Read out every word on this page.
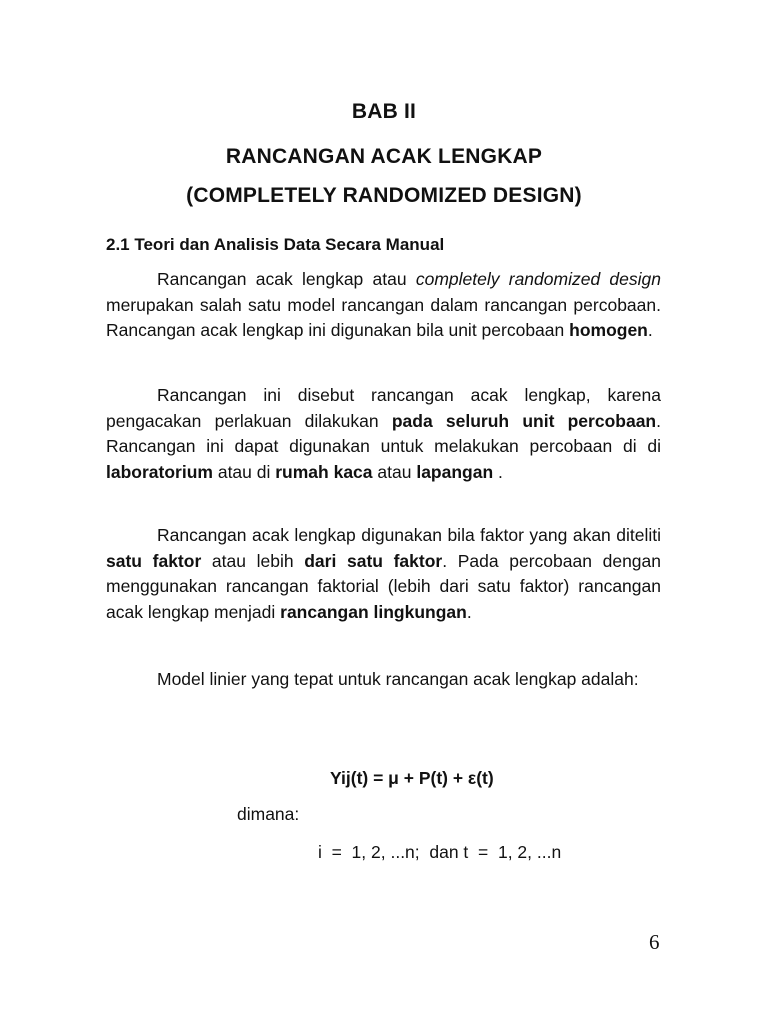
BAB II
RANCANGAN ACAK LENGKAP
(COMPLETELY RANDOMIZED DESIGN)
2.1 Teori dan Analisis Data Secara Manual

Rancangan acak lengkap atau completely randomized design merupakan salah satu model rancangan dalam rancangan percobaan. Rancangan acak lengkap ini digunakan bila unit percobaan homogen.

Rancangan ini disebut rancangan acak lengkap, karena pengacakan perlakuan dilakukan pada seluruh unit percobaan. Rancangan ini dapat digunakan untuk melakukan percobaan di di laboratorium atau di rumah kaca atau lapangan .

Rancangan acak lengkap digunakan bila faktor yang akan diteliti satu faktor atau lebih dari satu faktor. Pada percobaan dengan menggunakan rancangan faktorial (lebih dari satu faktor) rancangan acak lengkap menjadi rancangan lingkungan.

Model linier yang tepat untuk rancangan acak lengkap adalah:

Yij(t) = μ + P(t) + ε(t)
dimana:
i  =  1, 2, ...n;  dan t  =  1, 2, ...n
6
